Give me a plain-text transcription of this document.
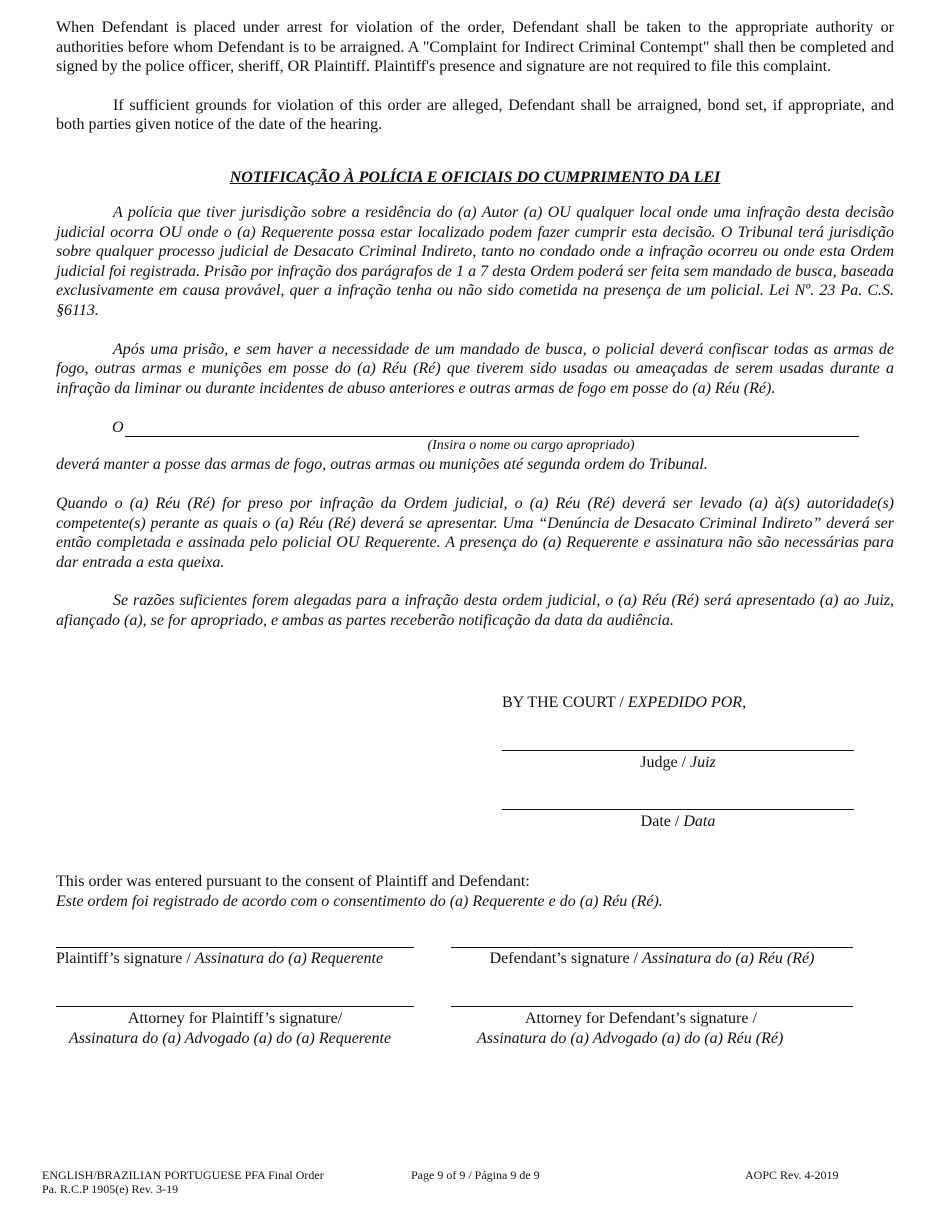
When Defendant is placed under arrest for violation of the order, Defendant shall be taken to the appropriate authority or authorities before whom Defendant is to be arraigned. A "Complaint for Indirect Criminal Contempt" shall then be completed and signed by the police officer, sheriff, OR Plaintiff. Plaintiff's presence and signature are not required to file this complaint.

If sufficient grounds for violation of this order are alleged, Defendant shall be arraigned, bond set, if appropriate, and both parties given notice of the date of the hearing.

NOTIFICAÇÃO À POLÍCIA E OFICIAIS DO CUMPRIMENTO DA LEI

A polícia que tiver jurisdição sobre a residência do (a) Autor (a) OU qualquer local onde uma infração desta decisão judicial ocorra OU onde o (a) Requerente possa estar localizado podem fazer cumprir esta decisão. O Tribunal terá jurisdição sobre qualquer processo judicial de Desacato Criminal Indireto, tanto no condado onde a infração ocorreu ou onde esta Ordem judicial foi registrada. Prisão por infração dos parágrafos de 1 a 7 desta Ordem poderá ser feita sem mandado de busca, baseada exclusivamente em causa provável, quer a infração tenha ou não sido cometida na presença de um policial. Lei Nº. 23 Pa. C.S. §6113.

Após uma prisão, e sem haver a necessidade de um mandado de busca, o policial deverá confiscar todas as armas de fogo, outras armas e munições em posse do (a) Réu (Ré) que tiverem sido usadas ou ameaçadas de serem usadas durante a infração da liminar ou durante incidentes de abuso anteriores e outras armas de fogo em posse do (a) Réu (Ré).

O
(Insira o nome ou cargo apropriado)

deverá manter a posse das armas de fogo, outras armas ou munições até segunda ordem do Tribunal.

Quando o (a) Réu (Ré) for preso por infração da Ordem judicial, o (a) Réu (Ré) deverá ser levado (a) à(s) autoridade(s) competente(s) perante as quais o (a) Réu (Ré) deverá se apresentar. Uma “Denúncia de Desacato Criminal Indireto” deverá ser então completada e assinada pelo policial OU Requerente. A presença do (a) Requerente e assinatura não são necessárias para dar entrada a esta queixa.

Se razões suficientes forem alegadas para a infração desta ordem judicial, o (a) Réu (Ré) será apresentado (a) ao Juiz, afiançado (a), se for apropriado, e ambas as partes receberão notificação da data da audiência.

BY THE COURT / EXPEDIDO POR,
Judge / Juiz
Date / Data
This order was entered pursuant to the consent of Plaintiff and Defendant:
Este ordem foi registrado de acordo com o consentimento do (a) Requerente e do (a) Réu (Ré).
Plaintiff’s signature / Assinatura do (a) Requerente	Defendant’s signature / Assinatura do (a) Réu (Ré)
Attorney for Plaintiff’s signature/
Assinatura do (a) Advogado (a) do (a) Requerente
Attorney for Defendant’s signature /
Assinatura do (a) Advogado (a) do (a) Réu (Ré)
ENGLISH/BRAZILIAN PORTUGUESE PFA Final Order
Pa. R.C.P 1905(e) Rev. 3-19
Page 9 of 9 / Página 9 de 9	AOPC Rev. 4-2019
